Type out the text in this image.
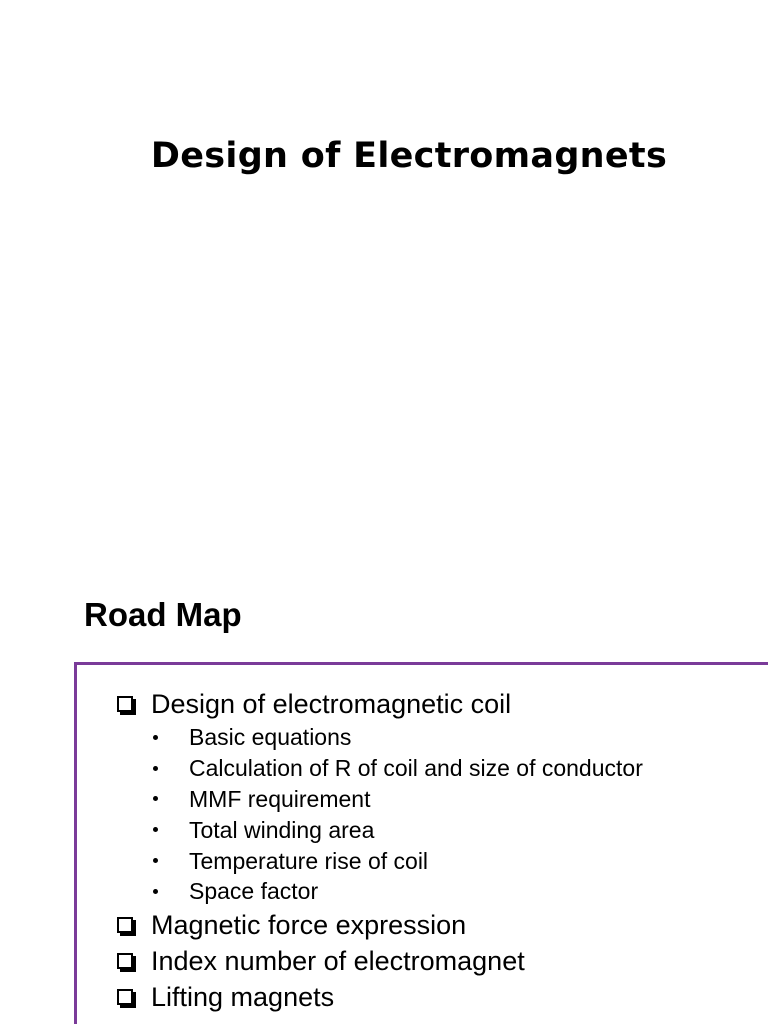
Design of Electromagnets
Road Map
Design of electromagnetic coil
Basic equations
Calculation of R of coil and size of conductor
MMF requirement
Total winding area
Temperature rise of coil
Space factor
Magnetic force expression
Index number of electromagnet
Lifting magnets
